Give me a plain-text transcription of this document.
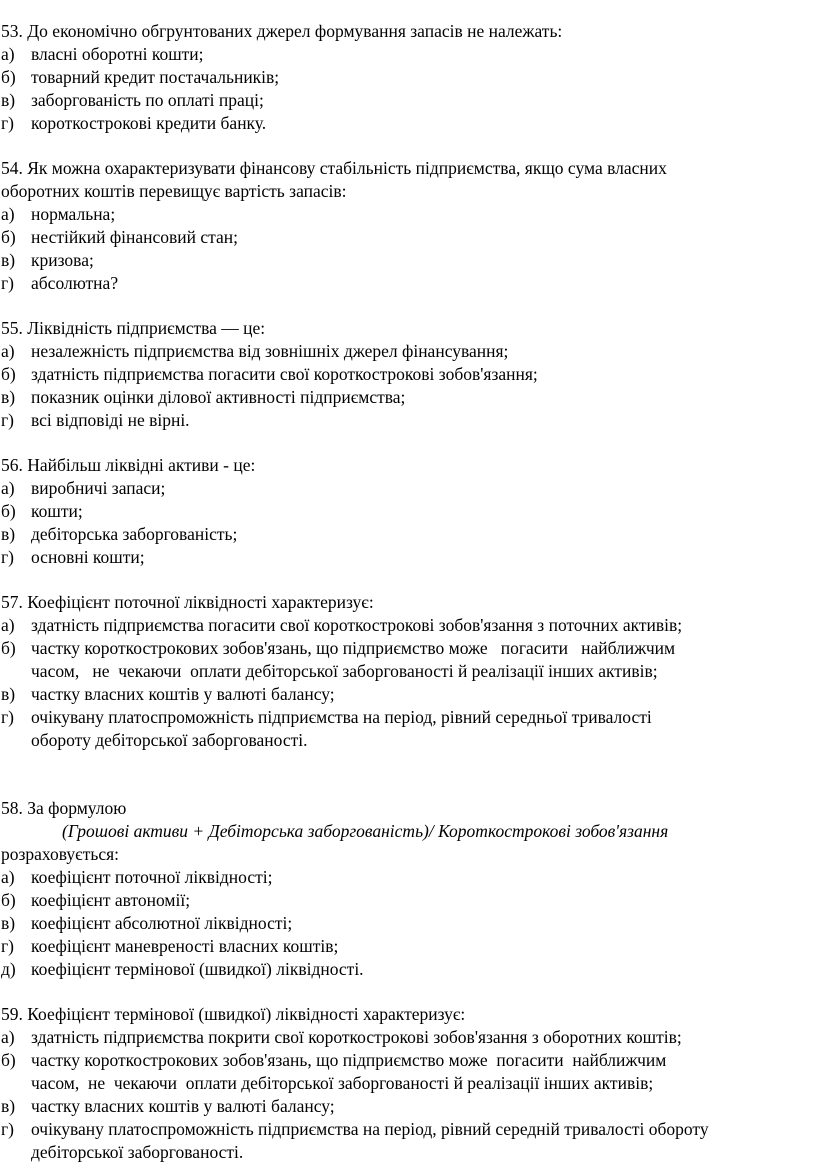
53. До економічно обгрунтованих джерел формування запасів не належать:
а) власні оборотні кошти;
б) товарний кредит постачальників;
в) заборгованість по оплаті праці;
г) короткострокові кредити банку.
54. Як можна охарактеризувати фінансову стабільність підприємства, якщо сума власних
оборотних коштів перевищує вартість запасів:
а) нормальна;
б) нестійкий фінансовий стан;
в) кризова;
г) абсолютна?
55. Ліквідність підприємства — це:
а) незалежність підприємства від зовнішніх джерел фінансування;
б) здатність підприємства погасити свої короткострокові зобов'язання;
в) показник оцінки ділової активності підприємства;
г) всі відповіді не вірні.
56. Найбільш ліквідні активи - це:
а) виробничі запаси;
б) кошти;
в) дебіторська заборгованість;
г) основні кошти;
57. Коефіцієнт поточної ліквідності характеризує:
а) здатність підприємства погасити свої короткострокові зобов'язання з поточних активів;
б) частку короткострокових зобов'язань, що підприємство може   погасити   найближчим
часом,   не  чекаючи  оплати дебіторської заборгованості й реалізації інших активів;
в) частку власних коштів у валюті балансу;
г) очікувану платоспроможність підприємства на період, рівний середньої тривалості
обороту дебіторської заборгованості.
58. За формулою
(Грошові активи + Дебіторська заборгованість)/ Короткострокові зобов'язання
розраховується:
а) коефіцієнт поточної ліквідності;
б) коефіцієнт автономії;
в) коефіцієнт абсолютної ліквідності;
г) коефіцієнт маневреності власних коштів;
д) коефіцієнт термінової (швидкої) ліквідності.
59. Коефіцієнт термінової (швидкої) ліквідності характеризує:
а) здатність підприємства покрити свої короткострокові зобов'язання з оборотних коштів;
б) частку короткострокових зобов'язань, що підприємство може  погасити  найближчим
часом,  не  чекаючи  оплати дебіторської заборгованості й реалізації інших активів;
в) частку власних коштів у валюті балансу;
г) очікувану платоспроможність підприємства на період, рівний середній тривалості обороту
дебіторської заборгованості.
